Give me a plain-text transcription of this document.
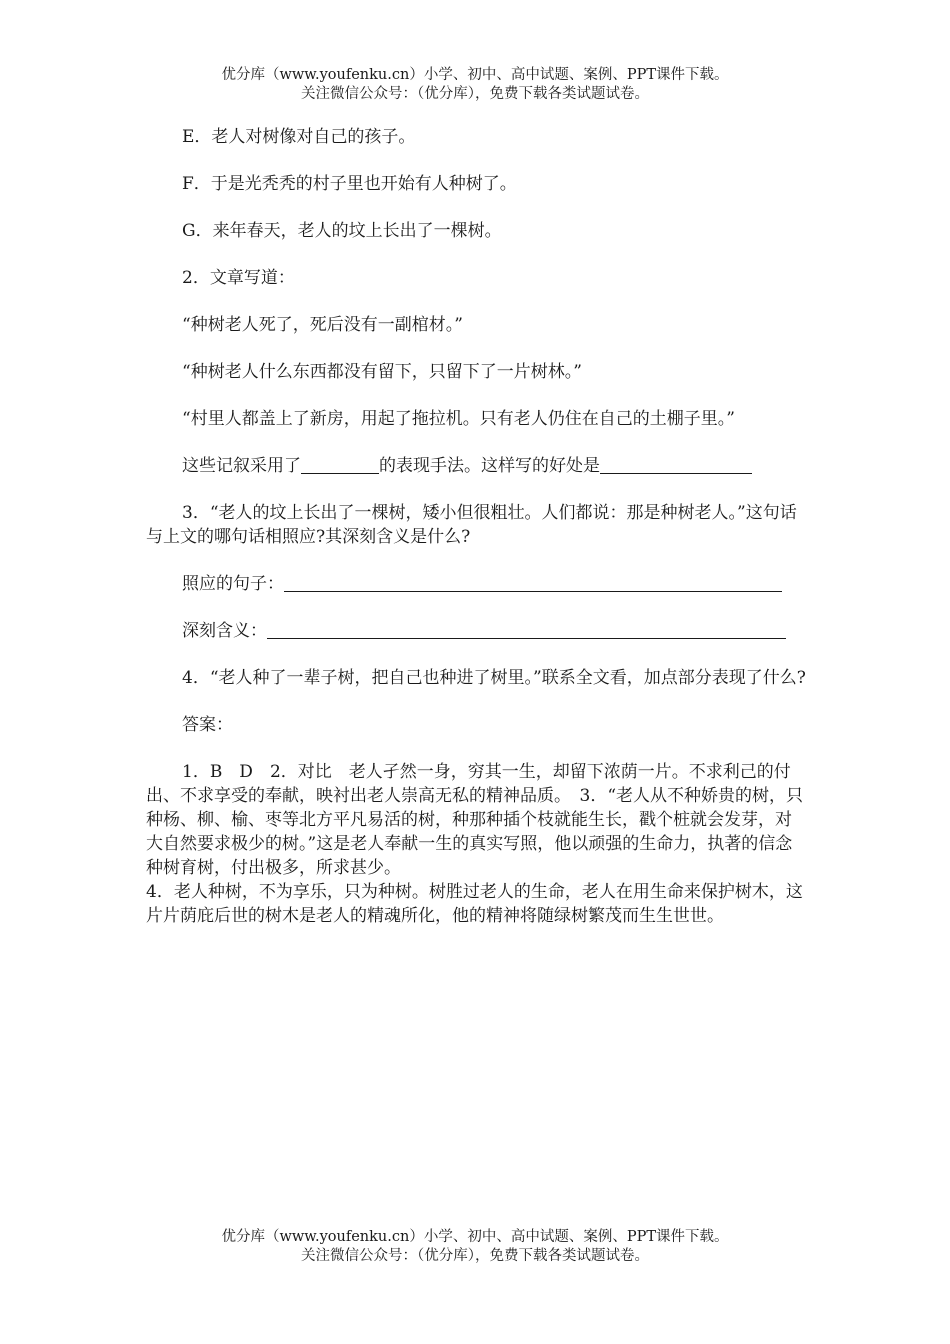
优分库（www.youfenku.cn）小学、初中、高中试题、案例、PPT课件下载。
关注微信公众号：（优分库），免费下载各类试题试卷。

E．老人对树像对自己的孩子。

F．于是光秃秃的村子里也开始有人种树了。

G．来年春天，老人的坟上长出了一棵树。

2．文章写道：

“种树老人死了，死后没有一副棺材。”

“种树老人什么东西都没有留下，只留下了一片树林。”

“村里人都盖上了新房，用起了拖拉机。只有老人仍住在自己的土棚子里。”

这些记叙采用了	的表现手法。这样写的好处是

3．“老人的坟上长出了一棵树，矮小但很粗壮。人们都说：那是种树老人。”这句话与上文的哪句话相照应?其深刻含义是什么?

照应的句子：

深刻含义：

4．“老人种了一辈子树，把自己也种进了树里。”联系全文看，加点部分表现了什么?

答案：

1．B　D　2．对比　老人孑然一身，穷其一生，却留下浓荫一片。不求利己的付出、不求享受的奉献，映衬出老人崇高无私的精神品质。　3．“老人从不种娇贵的树，只种杨、柳、榆、枣等北方平凡易活的树，种那种插个枝就能生长，戳个桩就会发芽，对大自然要求极少的树。”这是老人奉献一生的真实写照，他以顽强的生命力，执著的信念种树育树，付出极多，所求甚少。

4．老人种树，不为享乐，只为种树。树胜过老人的生命，老人在用生命来保护树木，这片片荫庇后世的树木是老人的精魂所化，他的精神将随绿树繁茂而生生世世。

优分库（www.youfenku.cn）小学、初中、高中试题、案例、PPT课件下载。
关注微信公众号：（优分库），免费下载各类试题试卷。
